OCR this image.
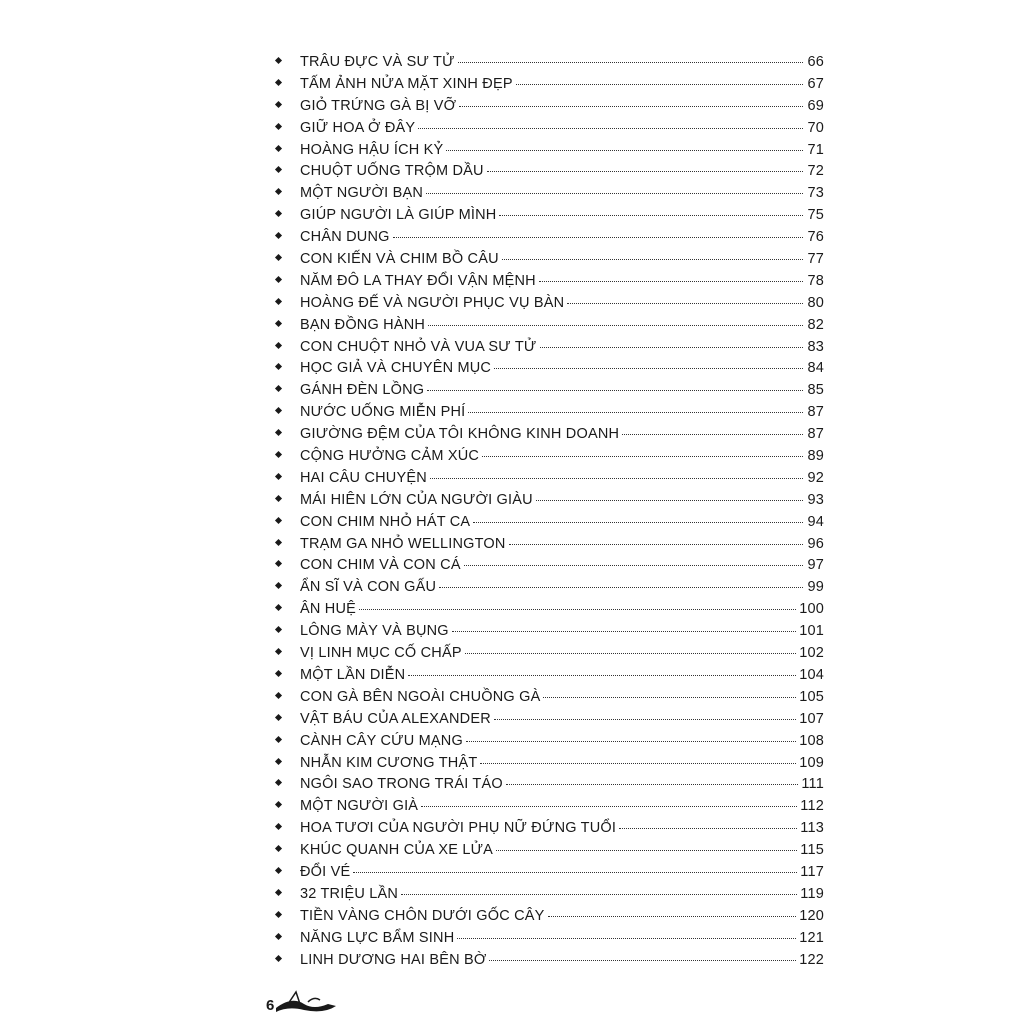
TRÂU ĐỰC VÀ SƯ TỬ	66
TẤM ẢNH NỬA MẶT XINH ĐẸP	67
GIỎ TRỨNG GÀ BỊ VỠ	69
GIỮ HOA Ở ĐÂY	70
HOÀNG HẬU ÍCH KỶ	71
CHUỘT UỐNG TRỘM DẦU	72
MỘT NGƯỜI BẠN	73
GIÚP NGƯỜI LÀ GIÚP MÌNH	75
CHÂN DUNG	76
CON KIẾN VÀ CHIM BỒ CÂU	77
NĂM ĐÔ LA THAY ĐỔI VẬN MỆNH	78
HOÀNG ĐẾ VÀ NGƯỜI PHỤC VỤ BÀN	80
BẠN ĐỒNG HÀNH	82
CON CHUỘT NHỎ VÀ VUA SƯ TỬ	83
HỌC GIẢ VÀ CHUYÊN MỤC	84
GÁNH ĐÈN LỒNG	85
NƯỚC UỐNG MIỄN PHÍ	87
GIƯỜNG ĐỆM CỦA TÔI KHÔNG KINH DOANH	87
CỘNG HƯỞNG CẢM XÚC	89
HAI CÂU CHUYỆN	92
MÁI HIÊN LỚN CỦA NGƯỜI GIÀU	93
CON CHIM NHỎ HÁT CA	94
TRẠM GA NHỎ WELLINGTON	96
CON CHIM VÀ CON CÁ	97
ẨN SĨ VÀ CON GẤU	99
ÂN HUỆ	100
LÔNG MÀY VÀ BỤNG	101
VỊ LINH MỤC CỐ CHẤP	102
MỘT LẦN DIỄN	104
CON GÀ BÊN NGOÀI CHUỒNG GÀ	105
VẬT BÁU CỦA ALEXANDER	107
CÀNH CÂY CỨU MẠNG	108
NHẪN KIM CƯƠNG THẬT	109
NGÔI SAO TRONG TRÁI TÁO	111
MỘT NGƯỜI GIÀ	112
HOA TƯƠI CỦA NGƯỜI PHỤ NỮ ĐỨNG TUỔI	113
KHÚC QUANH CỦA XE LỬA	115
ĐỔI VÉ	117
32 TRIỆU LẦN	119
TIỀN VÀNG CHÔN DƯỚI GỐC CÂY	120
NĂNG LỰC BẨM SINH	121
LINH DƯƠNG HAI BÊN BỜ	122
6
